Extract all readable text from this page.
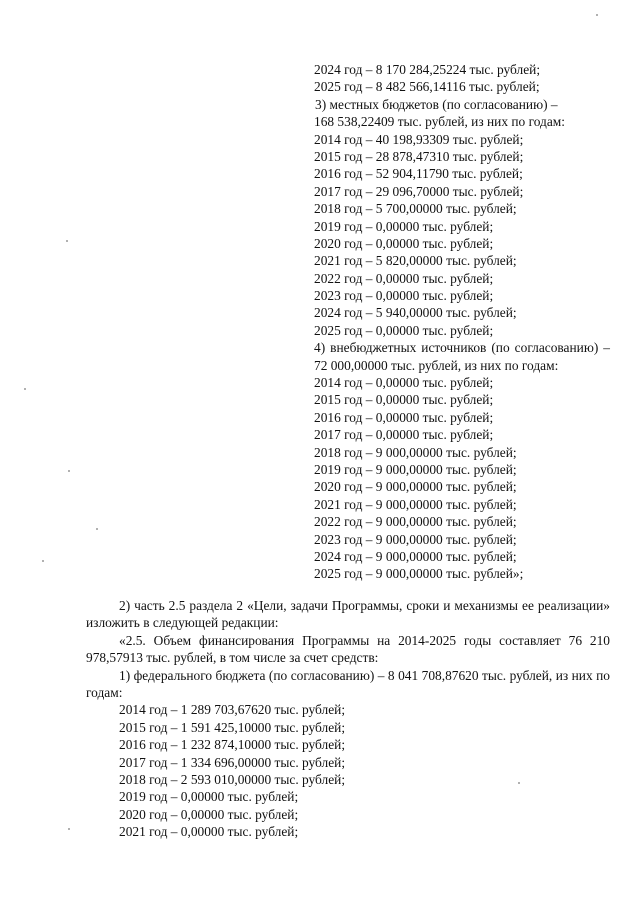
2024 год – 8 170 284,25224 тыс. рублей;
2025 год – 8 482 566,14116 тыс. рублей;
3) местных бюджетов (по согласованию) –
168 538,22409 тыс. рублей, из них по годам:
2014 год – 40 198,93309 тыс. рублей;
2015 год – 28 878,47310 тыс. рублей;
2016 год – 52 904,11790 тыс. рублей;
2017 год – 29 096,70000 тыс. рублей;
2018 год – 5 700,00000 тыс. рублей;
2019 год – 0,00000 тыс. рублей;
2020 год – 0,00000 тыс. рублей;
2021 год – 5 820,00000 тыс. рублей;
2022 год – 0,00000 тыс. рублей;
2023 год – 0,00000 тыс. рублей;
2024 год – 5 940,00000 тыс. рублей;
2025 год – 0,00000 тыс. рублей;
4) внебюджетных источников (по согласованию) – 72 000,00000 тыс. рублей, из них по годам:
2014 год – 0,00000 тыс. рублей;
2015 год – 0,00000 тыс. рублей;
2016 год – 0,00000 тыс. рублей;
2017 год – 0,00000 тыс. рублей;
2018 год – 9 000,00000 тыс. рублей;
2019 год – 9 000,00000 тыс. рублей;
2020 год – 9 000,00000 тыс. рублей;
2021 год – 9 000,00000 тыс. рублей;
2022 год – 9 000,00000 тыс. рублей;
2023 год – 9 000,00000 тыс. рублей;
2024 год – 9 000,00000 тыс. рублей;
2025 год – 9 000,00000 тыс. рублей»;
2) часть 2.5 раздела 2 «Цели, задачи Программы, сроки и механизмы ее реализации» изложить в следующей редакции:
«2.5. Объем финансирования Программы на 2014-2025 годы составляет 76 210 978,57913 тыс. рублей, в том числе за счет средств:
1) федерального бюджета (по согласованию) – 8 041 708,87620 тыс. рублей, из них по годам:
2014 год – 1 289 703,67620 тыс. рублей;
2015 год – 1 591 425,10000 тыс. рублей;
2016 год – 1 232 874,10000 тыс. рублей;
2017 год – 1 334 696,00000 тыс. рублей;
2018 год – 2 593 010,00000 тыс. рублей;
2019 год – 0,00000 тыс. рублей;
2020 год – 0,00000 тыс. рублей;
2021 год – 0,00000 тыс. рублей;
